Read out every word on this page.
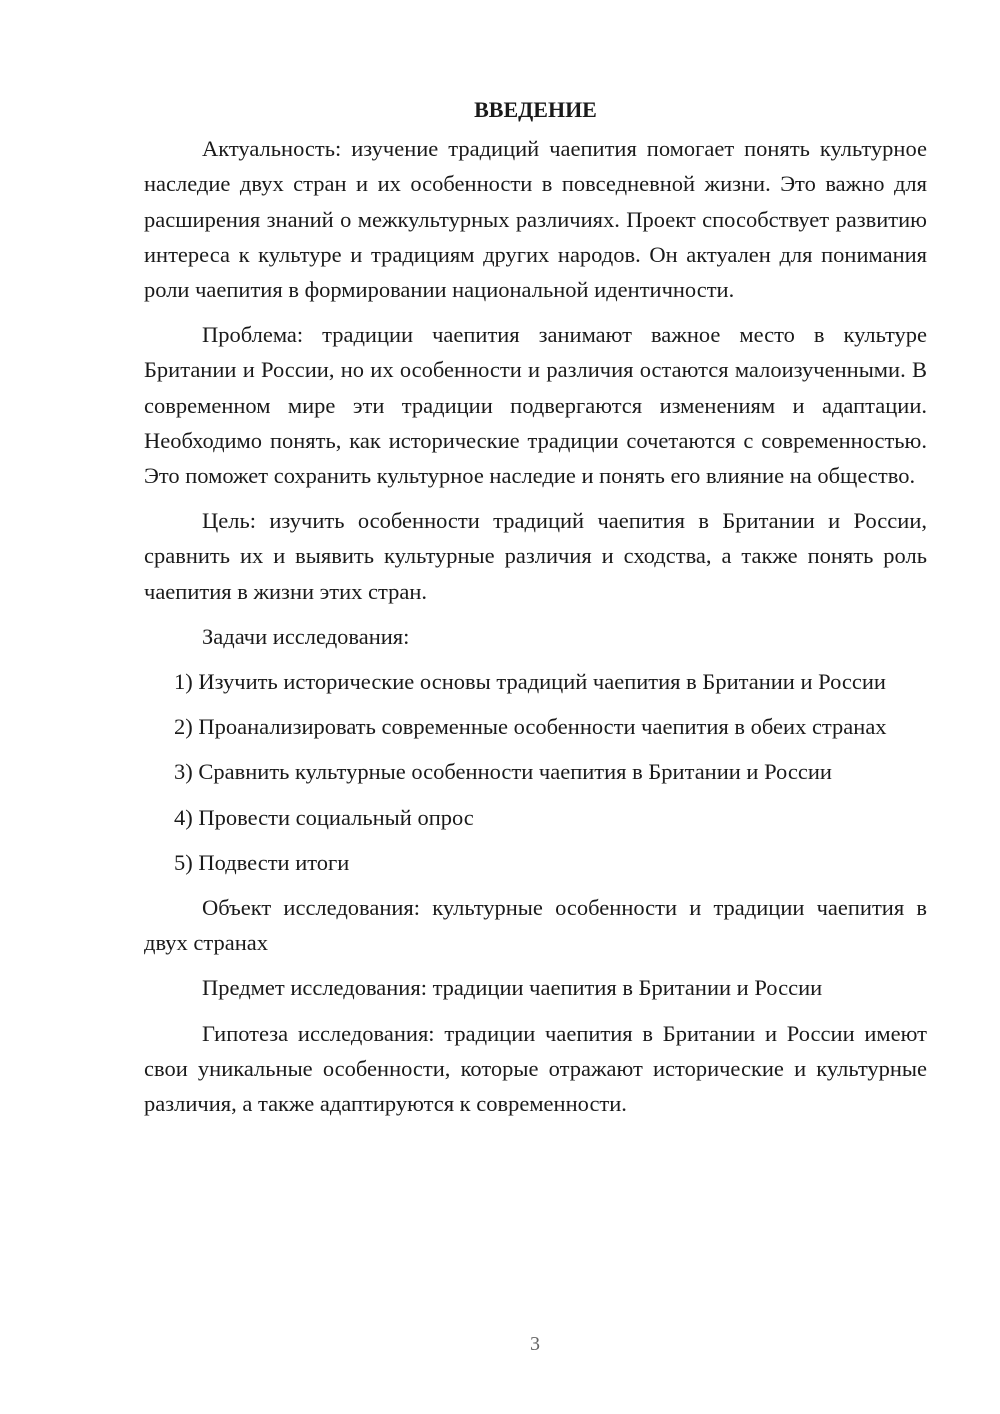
ВВЕДЕНИЕ

Актуальность: изучение традиций чаепития помогает понять культурное наследие двух стран и их особенности в повседневной жизни. Это важно для расширения знаний о межкультурных различиях. Проект способствует развитию интереса к культуре и традициям других народов. Он актуален для понимания роли чаепития в формировании национальной идентичности.

Проблема: традиции чаепития занимают важное место в культуре Британии и России, но их особенности и различия остаются малоизученными. В современном мире эти традиции подвергаются изменениям и адаптации. Необходимо понять, как исторические традиции сочетаются с современностью. Это поможет сохранить культурное наследие и понять его влияние на общество.

Цель: изучить особенности традиций чаепития в Британии и России, сравнить их и выявить культурные различия и сходства, а также понять роль чаепития в жизни этих стран.

Задачи исследования:

1) Изучить исторические основы традиций чаепития в Британии и России

2) Проанализировать современные особенности чаепития в обеих странах

3) Сравнить культурные особенности чаепития в Британии и России

4) Провести социальный опрос

5) Подвести итоги

Объект исследования: культурные особенности и традиции чаепития в двух странах

Предмет исследования: традиции чаепития в Британии и России

Гипотеза исследования: традиции чаепития в Британии и России имеют свои уникальные особенности, которые отражают исторические и культурные различия, а также адаптируются к современности.

3
